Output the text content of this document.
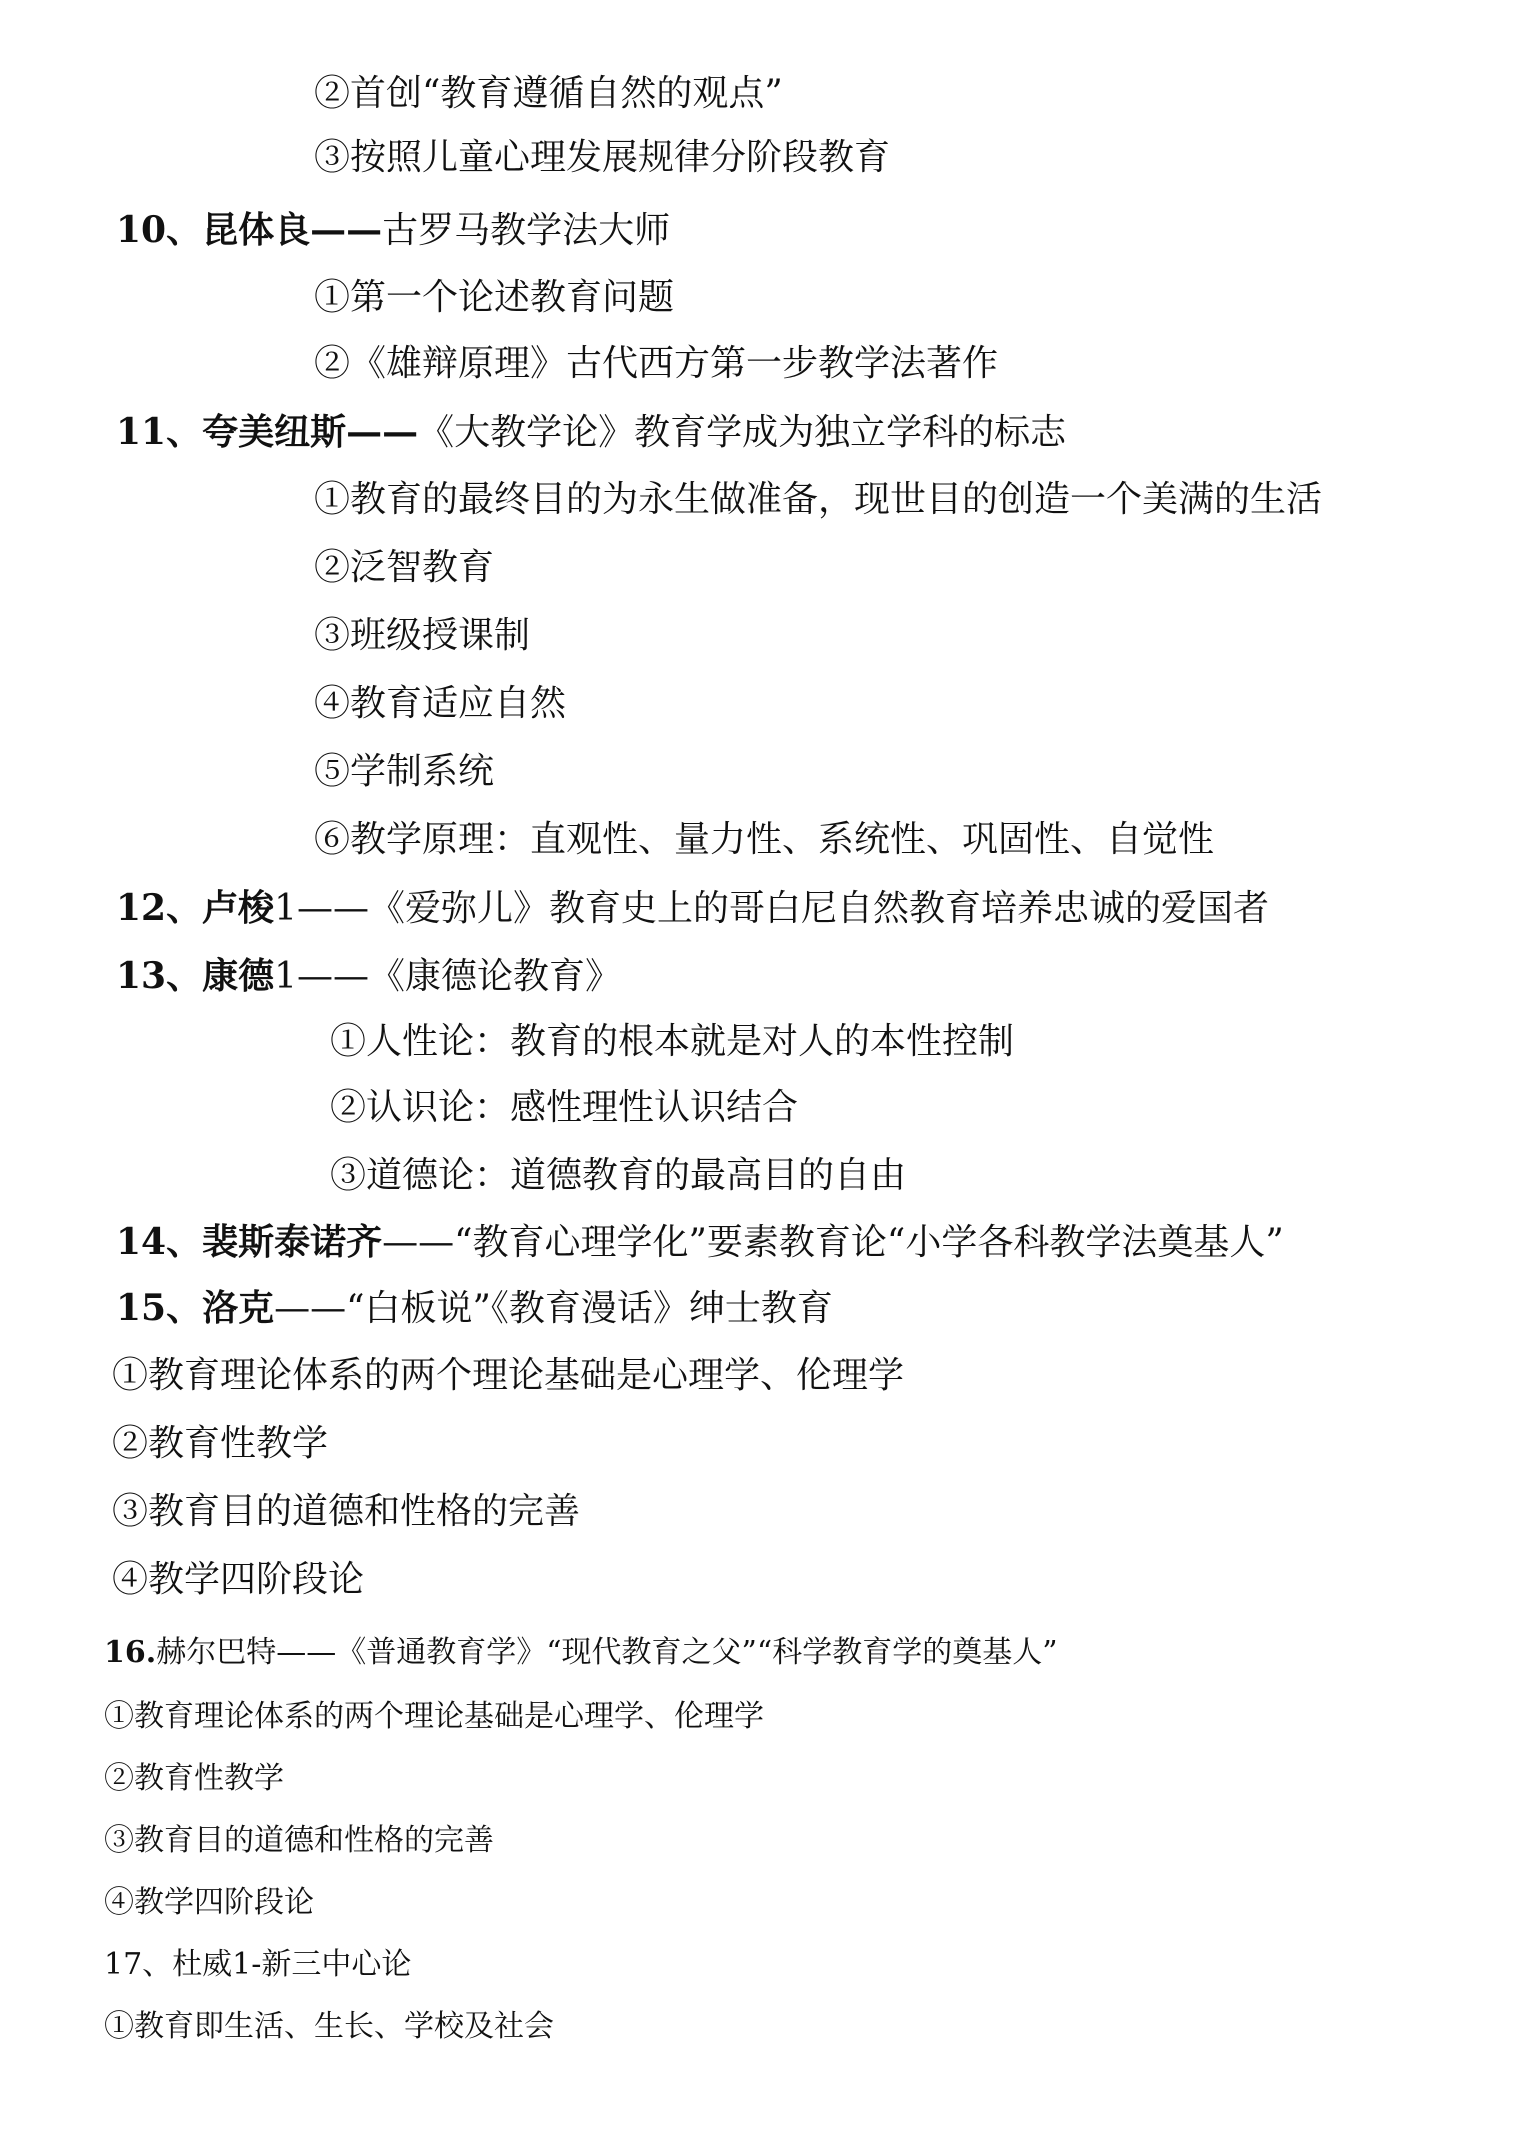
②首创“教育遵循自然的观点”
③按照儿童心理发展规律分阶段教育
10、昆体良——古罗马教学法大师
①第一个论述教育问题
②《雄辩原理》古代西方第一步教学法著作
11、夸美纽斯——《大教学论》教育学成为独立学科的标志
①教育的最终目的为永生做准备，现世目的创造一个美满的生活
②泛智教育
③班级授课制
④教育适应自然
⑤学制系统
⑥教学原理：直观性、量力性、系统性、巩固性、自觉性
12、卢梭1——《爱弥儿》教育史上的哥白尼自然教育培养忠诚的爱国者
13、康德1——《康德论教育》
①人性论：教育的根本就是对人的本性控制
②认识论：感性理性认识结合
③道德论：道德教育的最高目的自由
14、裴斯泰诺齐——“教育心理学化”要素教育论“小学各科教学法奠基人”
15、洛克——“白板说”《教育漫话》绅士教育
①教育理论体系的两个理论基础是心理学、伦理学
②教育性教学
③教育目的道德和性格的完善
④教学四阶段论
16.赫尔巴特——《普通教育学》“现代教育之父”“科学教育学的奠基人”
①教育理论体系的两个理论基础是心理学、伦理学
②教育性教学
③教育目的道德和性格的完善
④教学四阶段论
17、杜威1-新三中心论
①教育即生活、生长、学校及社会
